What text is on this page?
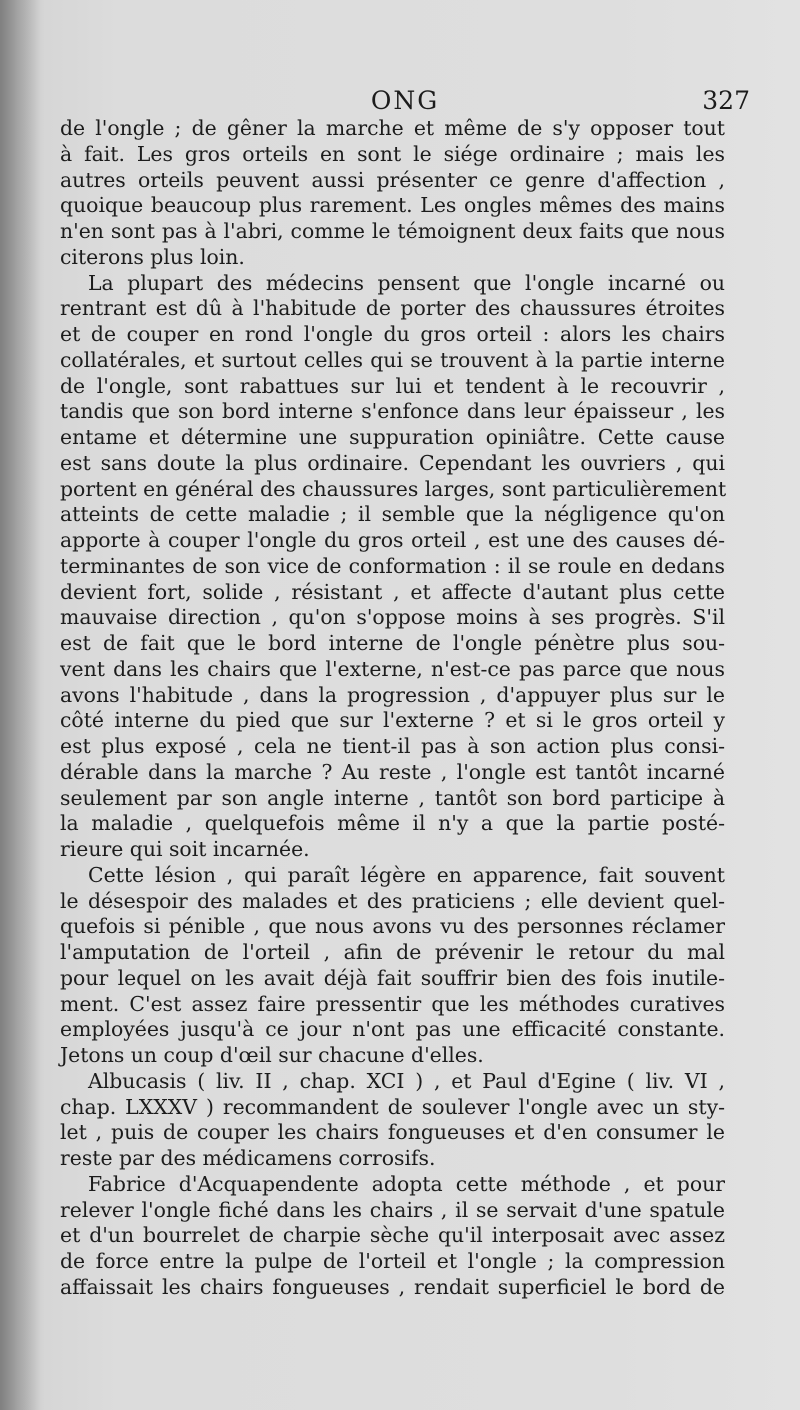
ONG	327
de l'ongle ; de gêner la marche et même de s'y opposer tout
à fait. Les gros orteils en sont le siége ordinaire ; mais les
autres orteils peuvent aussi présenter ce genre d'affection ,
quoique beaucoup plus rarement. Les ongles mêmes des mains
n'en sont pas à l'abri, comme le témoignent deux faits que nous
citerons plus loin.
La plupart des médecins pensent que l'ongle incarné ou
rentrant est dû à l'habitude de porter des chaussures étroites
et de couper en rond l'ongle du gros orteil : alors les chairs
collatérales, et surtout celles qui se trouvent à la partie interne
de l'ongle, sont rabattues sur lui et tendent à le recouvrir ,
tandis que son bord interne s'enfonce dans leur épaisseur , les
entame et détermine une suppuration opiniâtre. Cette cause
est sans doute la plus ordinaire. Cependant les ouvriers , qui
portent en général des chaussures larges, sont particulièrement
atteints de cette maladie ; il semble que la négligence qu'on
apporte à couper l'ongle du gros orteil , est une des causes dé-
terminantes de son vice de conformation : il se roule en dedans
devient fort, solide , résistant , et affecte d'autant plus cette
mauvaise direction , qu'on s'oppose moins à ses progrès. S'il
est de fait que le bord interne de l'ongle pénètre plus sou-
vent dans les chairs que l'externe, n'est-ce pas parce que nous
avons l'habitude , dans la progression , d'appuyer plus sur le
côté interne du pied que sur l'externe ? et si le gros orteil y
est plus exposé , cela ne tient-il pas à son action plus consi-
dérable dans la marche ? Au reste , l'ongle est tantôt incarné
seulement par son angle interne , tantôt son bord participe à
la maladie , quelquefois même il n'y a que la partie posté-
rieure qui soit incarnée.
Cette lésion , qui paraît légère en apparence, fait souvent
le désespoir des malades et des praticiens ; elle devient quel-
quefois si pénible , que nous avons vu des personnes réclamer
l'amputation de l'orteil , afin de prévenir le retour du mal
pour lequel on les avait déjà fait souffrir bien des fois inutile-
ment. C'est assez faire pressentir que les méthodes curatives
employées jusqu'à ce jour n'ont pas une efficacité constante.
Jetons un coup d'œil sur chacune d'elles.
Albucasis ( liv. II , chap. XCI ) , et Paul d'Egine ( liv. VI ,
chap. LXXXV ) recommandent de soulever l'ongle avec un sty-
let , puis de couper les chairs fongueuses et d'en consumer le
reste par des médicamens corrosifs.
Fabrice d'Acquapendente adopta cette méthode , et pour
relever l'ongle fiché dans les chairs , il se servait d'une spatule
et d'un bourrelet de charpie sèche qu'il interposait avec assez
de force entre la pulpe de l'orteil et l'ongle ; la compression
affaissait les chairs fongueuses , rendait superficiel le bord de
